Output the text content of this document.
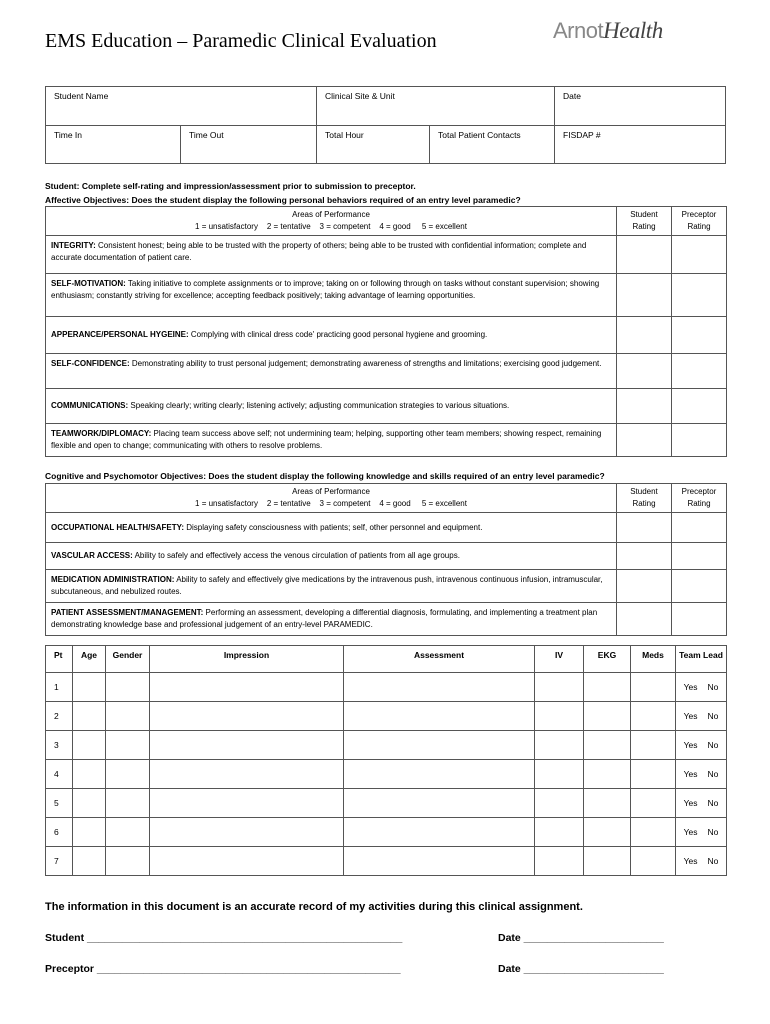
EMS Education – Paramedic Clinical Evaluation	ArnotHealth
Student Name		Clinical Site & Unit		Date
Time In	Time Out	Total Hour	Total Patient Contacts	FISDAP #
Student: Complete self-rating and impression/assessment prior to submission to preceptor.
Affective Objectives: Does the student display the following personal behaviors required of an entry level paramedic?
Areas of Performance
1 = unsatisfactory    2 = tentative    3 = competent    4 = good     5 = excellent	Student Rating	Preceptor Rating
INTEGRITY: Consistent honest; being able to be trusted with the property of others; being able to be trusted with confidential information; complete and accurate documentation of patient care.		
SELF-MOTIVATION: Taking initiative to complete assignments or to improve; taking on or following through on tasks without constant supervision; showing enthusiasm; constantly striving for excellence; accepting feedback positively; taking advantage of learning opportunities.		
APPERANCE/PERSONAL HYGEINE: Complying with clinical dress code' practicing good personal hygiene and grooming.		
SELF-CONFIDENCE: Demonstrating ability to trust personal judgement; demonstrating awareness of strengths and limitations; exercising good judgement.		
COMMUNICATIONS: Speaking clearly; writing clearly; listening actively; adjusting communication strategies to various situations.		
TEAMWORK/DIPLOMACY: Placing team success above self; not undermining team; helping, supporting other team members; showing respect, remaining flexible and open to change; communicating with others to resolve problems.		
Cognitive and Psychomotor Objectives: Does the student display the following knowledge and skills required of an entry level paramedic?
Areas of Performance
1 = unsatisfactory    2 = tentative    3 = competent    4 = good     5 = excellent	Student Rating	Preceptor Rating
OCCUPATIONAL HEALTH/SAFETY: Displaying safety consciousness with patients; self, other personnel and equipment.		
VASCULAR ACCESS: Ability to safely and effectively access the venous circulation of patients from all age groups.		
MEDICATION ADMINISTRATION: Ability to safely and effectively give medications by the intravenous push, intravenous continuous infusion, intramuscular, subcutaneous, and nebulized routes.		
PATIENT ASSESSMENT/MANAGEMENT: Performing an assessment, developing a differential diagnosis, formulating, and implementing a treatment plan demonstrating knowledge base and professional judgement of an entry-level PARAMEDIC.		
Pt	Age	Gender	Impression	Assessment	IV	EKG	Meds	Team Lead
1								Yes No
2								Yes No
3								Yes No
4								Yes No
5								Yes No
6								Yes No
7								Yes No
The information in this document is an accurate record of my activities during this clinical assignment.
Student ______________________________________________________	Date ________________________
Preceptor ____________________________________________________	Date ________________________
